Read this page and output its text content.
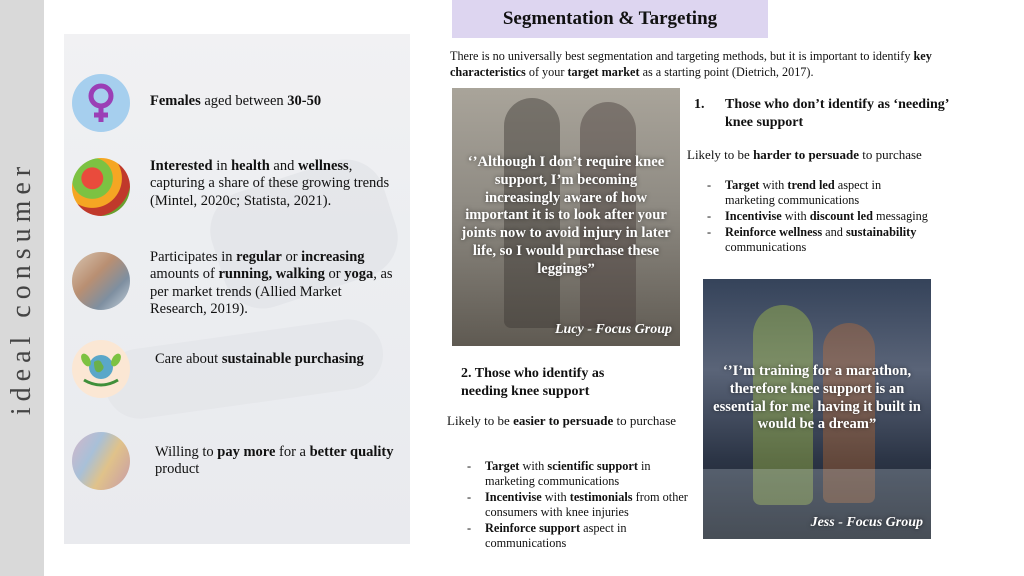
ideal consumer
Females aged between 30-50
Interested in health and wellness, capturing a share of these growing trends (Mintel, 2020c; Statista, 2021).
Participates in regular or increasing amounts of running, walking or yoga, as per market trends (Allied Market Research, 2019).
Care about sustainable purchasing
Willing to pay more for a better quality product
Segmentation & Targeting
There is no universally best segmentation and targeting methods, but it is important to identify key characteristics of your target market as a starting point (Dietrich, 2017).
‘’Although I don’t require knee support, I’m becoming increasingly aware of how important it is to look after your joints now to avoid injury in later life, so I would purchase these leggings”
Lucy - Focus Group
1. Those who don’t identify as ‘needing’ knee support
Likely to be harder to persuade to purchase
- Target with trend led aspect in marketing communications
- Incentivise with discount led messaging
- Reinforce wellness and sustainability communications
‘’I’m training for a marathon, therefore knee support is an essential for me, having it built in would be a dream”
Jess - Focus Group
2. Those who identify as needing knee support
Likely to be easier to persuade to purchase
- Target with scientific support in marketing communications
- Incentivise with testimonials from other consumers with knee injuries
- Reinforce support aspect in communications
